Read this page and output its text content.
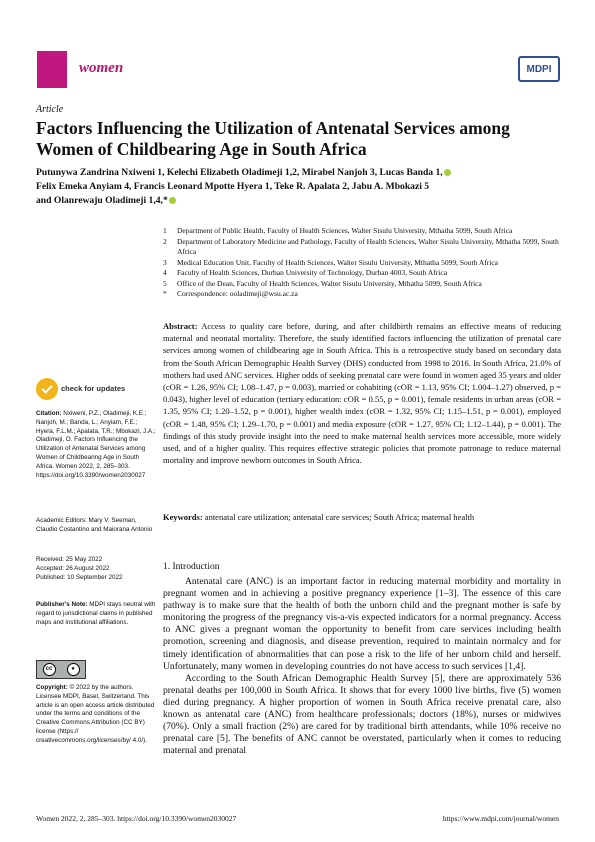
women	MDPI
Article
Factors Influencing the Utilization of Antenatal Services among Women of Childbearing Age in South Africa
Putunywa Zandrina Nxiweni 1, Kelechi Elizabeth Oladimeji 1,2, Mirabel Nanjoh 3, Lucas Banda 1,
Felix Emeka Anyiam 4, Francis Leonard Mpotte Hyera 1, Teke R. Apalata 2, Jabu A. Mbokazi 5
and Olanrewaju Oladimeji 1,4,*
1	Department of Public Health, Faculty of Health Sciences, Walter Sisulu University, Mthatha 5099, South Africa
2	Department of Laboratory Medicine and Pathology, Faculty of Health Sciences, Walter Sisulu University, Mthatha 5099, South Africa
3	Medical Education Unit, Faculty of Health Sciences, Walter Sisulu University, Mthatha 5099, South Africa
4	Faculty of Health Sciences, Durban University of Technology, Durban 4003, South Africa
5	Office of the Dean, Faculty of Health Sciences, Walter Sisulu University, Mthatha 5099, South Africa
*	Correspondence: ooladimeji@wsu.ac.za
Abstract: Access to quality care before, during, and after childbirth remains an effective means of reducing maternal and neonatal mortality. Therefore, the study identified factors influencing the utilization of prenatal care services among women of childbearing age in South Africa. This is a retrospective study based on secondary data from the South African Demographic Health Survey (DHS) conducted from 1998 to 2016. In South Africa, 21.0% of mothers had used ANC services. Higher odds of seeking prenatal care were found in women aged 35 years and older (cOR = 1.26, 95% CI; 1.08–1.47, p = 0.003), married or cohabiting (cOR = 1.13, 95% CI; 1.004–1.27) observed, p = 0.043), higher level of education (tertiary education: cOR = 0.55, p = 0.001), female residents in urban areas (cOR = 1.35, 95% CI; 1.20–1.52, p = 0.001), higher wealth index (cOR = 1.32, 95% CI; 1.15–1.51, p = 0.001), employed (cOR = 1.48, 95% CI; 1.29–1.70, p = 0.001) and media exposure (cOR = 1.27, 95% CI; 1.12–1.44), p = 0.001). The findings of this study provide insight into the need to make maternal health services more accessible, more widely used, and of a higher quality. This requires effective strategic policies that promote patronage to reduce maternal mortality and improve newborn outcomes in South Africa.
Keywords: antenatal care utilization; antenatal care services; South Africa; maternal health
check for updates
Citation: Nxiweni, P.Z.; Oladimeji, K.E.; Nanjoh, M.; Banda, L.; Anyiam, F.E.; Hyera, F.L.M.; Apalata, T.R.; Mbokazi, J.A.; Oladimeji, O. Factors Influencing the Utilization of Antenatal Services among Women of Childbearing Age in South Africa. Women 2022, 2, 285–303. https://doi.org/10.3390/women2030027
Academic Editors: Mary V. Seeman, Claudio Costantino and Maiorana Antonio
Received: 25 May 2022
Accepted: 26 August 2022
Published: 10 September 2022
Publisher's Note: MDPI stays neutral with regard to jurisdictional claims in published maps and institutional affiliations.
cc	●
Copyright: © 2022 by the authors. Licensee MDPI, Basel, Switzerland. This article is an open access article distributed under the terms and conditions of the Creative Commons Attribution (CC BY) license (https:// creativecommons.org/licenses/by/ 4.0/).
1. Introduction

Antenatal care (ANC) is an important factor in reducing maternal morbidity and mortality in pregnant women and in achieving a positive pregnancy experience [1–3]. The essence of this care pathway is to make sure that the health of both the unborn child and the pregnant mother is safe by monitoring the progress of the pregnancy vis-a-vis expected indicators for a normal pregnancy. Access to ANC gives a pregnant woman the opportunity to benefit from care services including health promotion, screening and diagnosis, and disease prevention, required to maintain normalcy and for timely identification of abnormalities that can pose a risk to the life of her unborn child and herself. Unfortunately, many women in developing countries do not have access to such services [1,4].

According to the South African Demographic Health Survey [5], there are approximately 536 prenatal deaths per 100,000 in South Africa. It shows that for every 1000 live births, five (5) women died during pregnancy. A higher proportion of women in South Africa receive prenatal care, also known as antenatal care (ANC) from healthcare professionals; doctors (18%), nurses or midwives (70%). Only a small fraction (2%) are cared for by traditional birth attendants, while 10% receive no prenatal care [5]. The benefits of ANC cannot be overstated, particularly when it comes to reducing maternal and prenatal

Women 2022, 2, 285–303. https://doi.org/10.3390/women2030027	https://www.mdpi.com/journal/women
